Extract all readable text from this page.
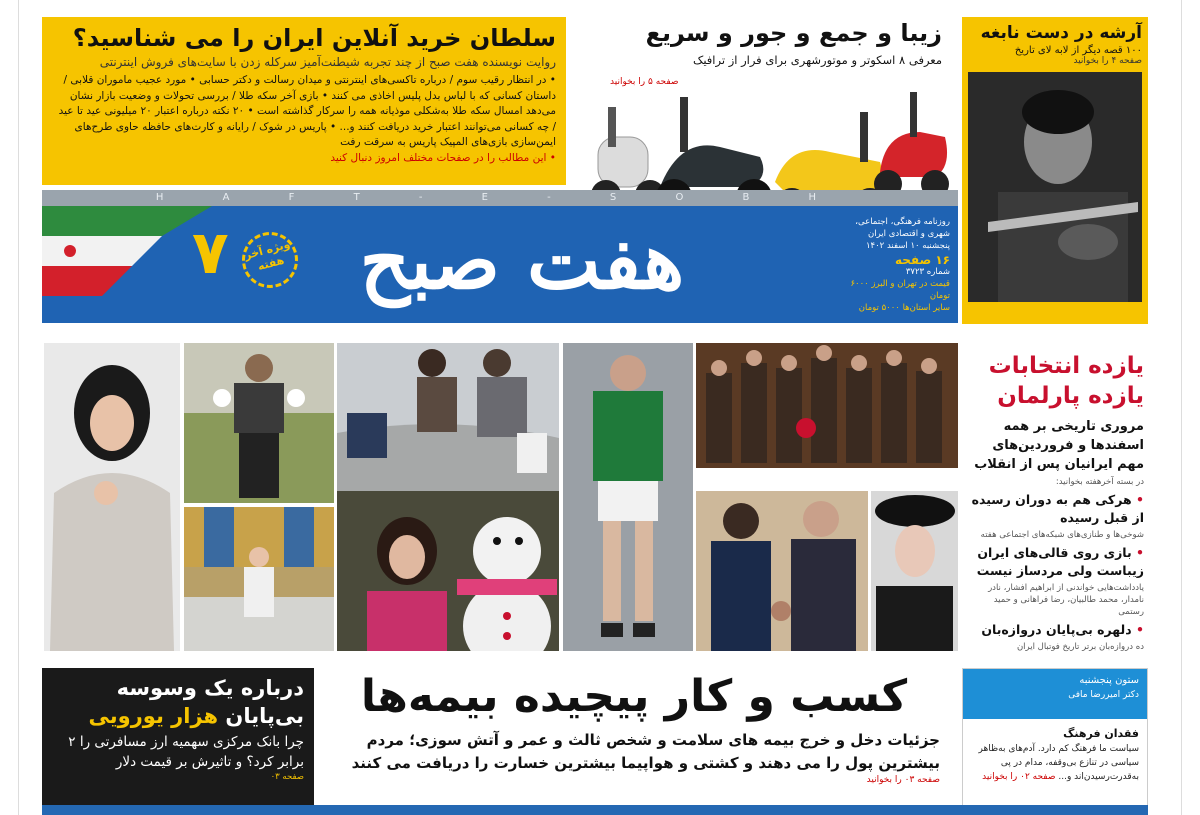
سلطان خرید آنلاین ایران را می شناسید؟
روایت نویسنده هفت صبح از چند تجربه شیطنت‌آمیز سرکله زدن با سایت‌های فروش اینترنتی
• در انتظار رقیب سوم / درباره تاکسی‌های اینترنتی و میدان رسالت و دکتر حسابی • مورد عجیب ماموران قلابی / داستان کسانی که با لباس بدل پلیس اخاذی می کنند • بازی آخر سکه طلا / بررسی تحولات و وضعیت بازار نشان می‌دهد امسال سکه طلا به‌شکلی موذیانه همه را سرکار گذاشته است • ۲۰ نکته درباره اعتبار ۲۰ میلیونی عید تا عید / چه کسانی می‌توانند اعتبار خرید دریافت کنند و... • پاریس در شوک / رایانه و کارت‌های حافظه حاوی طرح‌های ایمن‌سازی بازی‌های المپیک پاریس به سرقت رفت
• این مطالب را در صفحات مختلف امروز دنبال کنید
زیبا و جمع و جور و سریع
معرفی ۸ اسکوتر و موتورشهری برای فرار از ترافیک
صفحه ۵ را بخوانید
آرشه در دست نابغه
۱۰۰ قصه دیگر از لابه لای تاریخ
صفحه ۴ را بخوانید
H A F T - E - S O B H
هفت صبح
۷	ویژه آخر هفته
روزنامه فرهنگی، اجتماعی، شهری و اقتصادی ایران
پنجشنبه ۱۰ اسفند ۱۴۰۲
۱۶ صفحه
شماره ۳۷۲۳
قیمت در تهران و البرز ۶۰۰۰ تومان
سایر استان‌ها ۵۰۰۰ تومان
یازده انتخابات
یازده پارلمان
مروری تاریخی بر همه اسفندها و فروردین‌های مهم ایرانیان پس از انقلاب
در بسته آخرهفته بخوانید:
• هرکی هم به دوران رسیده از قبل رسیده
شوخی‌ها و طنازی‌های شبکه‌های اجتماعی هفته
• بازی روی قالی‌های ایران زیباست ولی مردساز نیست
یادداشت‌هایی خواندنی از ابراهیم افشار، نادر نامدار، محمد طالبیان، رضا فراهانی و حمید رستمی
• دلهره بی‌پایان دروازه‌بان
ده دروازه‌بان برتر تاریخ فوتبال ایران
درباره یک وسوسه
بی‌پایان هزار یورویی
چرا بانک مرکزی سهمیه ارز مسافرتی را ۲ برابر کرد؟ و تاثیرش بر قیمت دلار
صفحه ۰۳
کسب و کار پیچیده بیمه‌ها
جزئیات دخل و خرج بیمه های سلامت و شخص ثالث و عمر و آتش سوزی؛ مردم بیشترین پول را می دهند و کشتی و هواپیما بیشترین خسارت را دریافت می کنند
صفحه ۰۳ را بخوانید
ستون پنجشنبه
دکتر امیررضا مافی
فقدان فرهنگ
سیاست ما فرهنگ کم دارد. آدم‌های به‌ظاهر سیاسی در تنازع بی‌وقفه، مدام در پی به‌قدرت‌رسیدن‌اند و... صفحه ۰۲ را بخوانید
